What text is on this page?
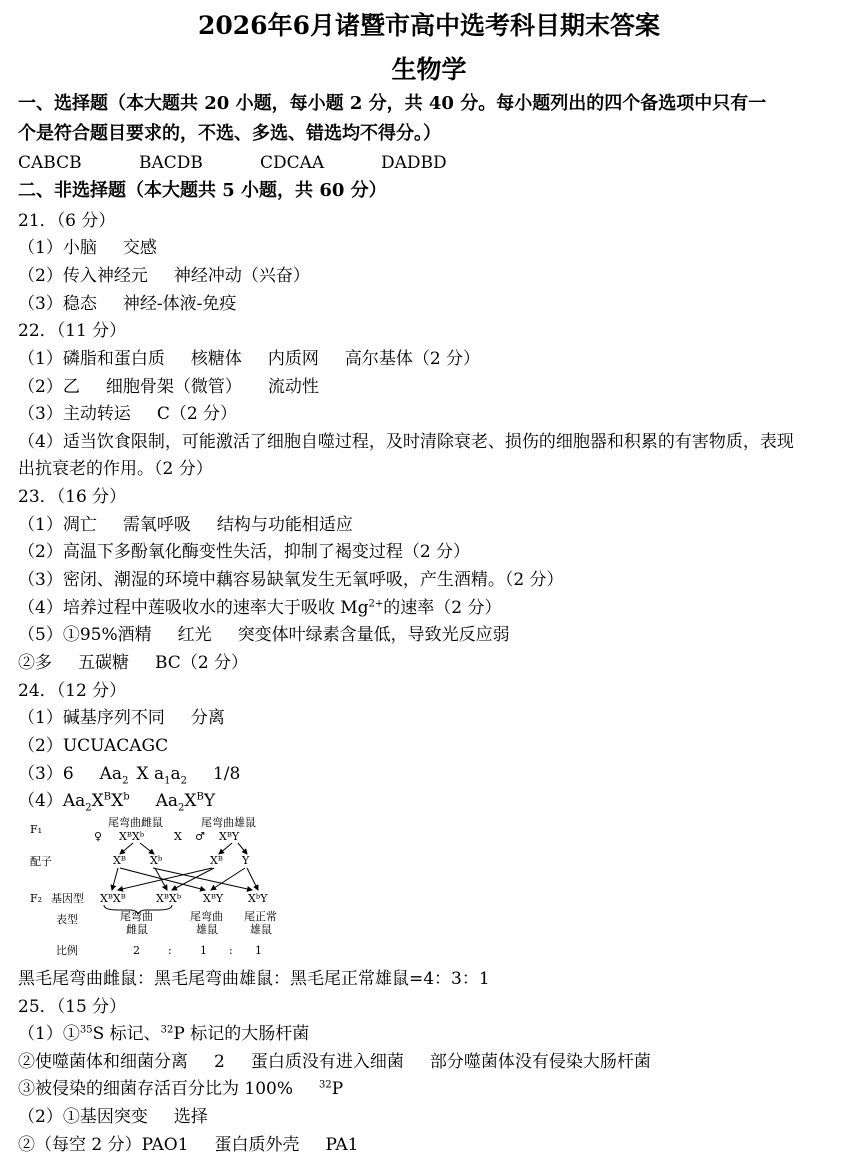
2026年6月诸暨市高中选考科目期末答案
生物学
一、选择题（本大题共 20 小题，每小题 2 分，共 40 分。每小题列出的四个备选项中只有一
个是符合题目要求的，不选、多选、错选均不得分。）
CABCB	BACDB	CDCAA	DADBD
二、非选择题（本大题共 5 小题，共 60 分）
21．（6 分）
（1）小脑 交感
（2）传入神经元 神经冲动（兴奋）
（3）稳态 神经-体液-免疫
22．（11 分）
（1）磷脂和蛋白质 核糖体 内质网 高尔基体（2 分）
（2）乙 细胞骨架（微管） 流动性
（3）主动转运 C（2 分）
（4）适当饮食限制，可能激活了细胞自噬过程，及时清除衰老、损伤的细胞器和积累的有害物质，表现
出抗衰老的作用。（2 分）
23．（16 分）
（1）凋亡 需氧呼吸 结构与功能相适应
（2）高温下多酚氧化酶变性失活，抑制了褐变过程（2 分）
（3）密闭、潮湿的环境中藕容易缺氧发生无氧呼吸，产生酒精。（2 分）
（4）培养过程中莲吸收水的速率大于吸收 $Mg^{2+}$的速率（2 分）
（5）①95%酒精 红光 突变体叶绿素含量低，导致光反应弱
②多 五碳糖 BC（2 分）
24．（12 分）
（1）碱基序列不同 分离
（2）UCUACAGC
（3）6 $Aa_2$ X $a_1a_2$ 1/8
$(4)Aa_2X^BX^b$ $Aa_2X^BY$
F₁
配子
F₂ 基因型
表型
比例
尾弯曲雌鼠	尾弯曲雄鼠
♀ XᴮXᵇ	X ♂ XᴮY
Xᴮ Xᵇ	Xᴮ Y
XᴮXᴮ	XᴮXᵇ XᴮY XᵇY
尾弯曲
雌鼠
尾弯曲
雄鼠
尾正常
雄鼠
2	:	1 : 1
黑毛尾弯曲雌鼠：黑毛尾弯曲雄鼠：黑毛尾正常雄鼠=4：3：1
25．（15 分）
（1）①$^{35}$S 标记、$^{32}$P 标记的大肠杆菌
②使噬菌体和细菌分离 2 蛋白质没有进入细菌 部分噬菌体没有侵染大肠杆菌
③被侵染的细菌存活百分比为 100%	$^{32}$P
（2）①基因突变 选择
②（每空 2 分）PAO1 蛋白质外壳 PA1
